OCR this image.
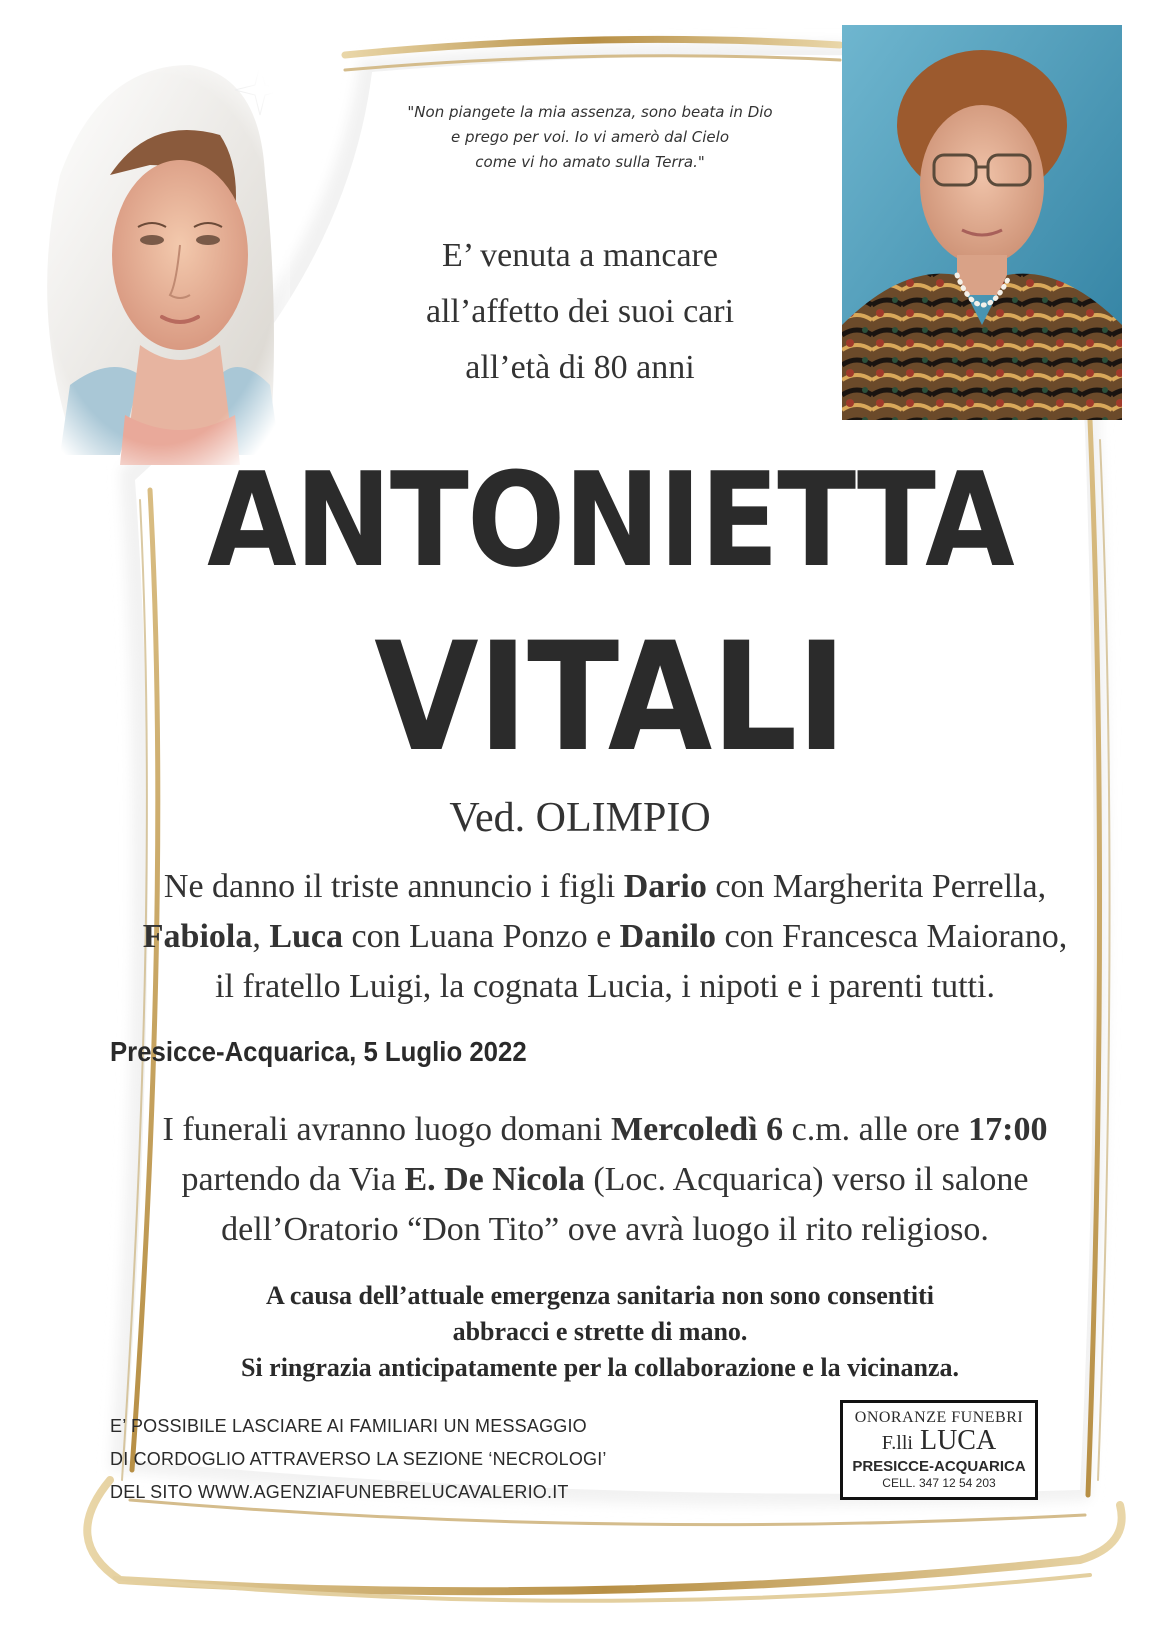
"Non piangete la mia assenza, sono beata in Dio
e prego per voi. Io vi amerò dal Cielo
come vi ho amato sulla Terra."
E’ venuta a mancare
all’affetto dei suoi cari
all’età di 80 anni
ANTONIETTA
VITALI
Ved. OLIMPIO
Ne danno il triste annuncio i figli Dario con Margherita Perrella,
Fabiola, Luca con Luana Ponzo e Danilo con Francesca Maiorano,
il fratello Luigi, la cognata Lucia, i nipoti e i parenti tutti.
Presicce-Acquarica, 5 Luglio 2022
I funerali avranno luogo domani Mercoledì 6 c.m. alle ore 17:00
partendo da Via E. De Nicola (Loc. Acquarica) verso il salone
dell’Oratorio “Don Tito” ove avrà luogo il rito religioso.
A causa dell’attuale emergenza sanitaria non sono consentiti
abbracci e strette di mano.
Si ringrazia anticipatamente per la collaborazione e la vicinanza.
E’ POSSIBILE LASCIARE AI FAMILIARI UN MESSAGGIO
DI CORDOGLIO ATTRAVERSO LA SEZIONE ‘NECROLOGI’
DEL SITO WWW.AGENZIAFUNEBRELUCAVALERIO.IT
ONORANZE FUNEBRI
F.lli LUCA
PRESICCE-ACQUARICA
CELL. 347 12 54 203
